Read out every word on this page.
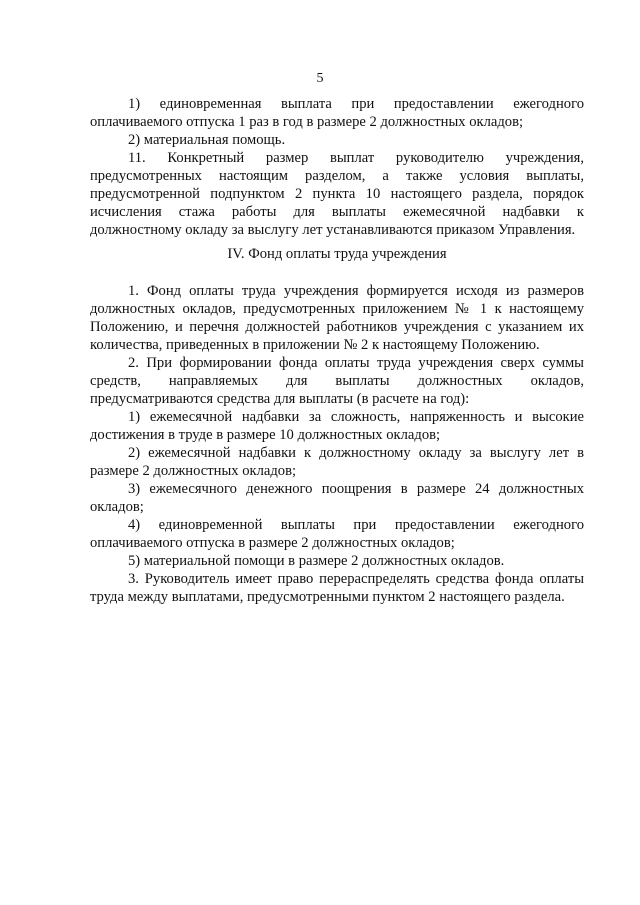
5

1) единовременная выплата при предоставлении ежегодного оплачиваемого отпуска 1 раз в год в размере 2 должностных окладов;

2) материальная помощь.

11. Конкретный размер выплат руководителю учреждения, предусмотренных настоящим разделом, а также условия выплаты, предусмотренной подпунктом 2 пункта 10 настоящего раздела, порядок исчисления стажа работы для выплаты ежемесячной надбавки к должностному окладу за выслугу лет устанавливаются приказом Управления.

IV. Фонд оплаты труда учреждения

1. Фонд оплаты труда учреждения формируется исходя из размеров должностных окладов, предусмотренных приложением № 1 к настоящему Положению, и перечня должностей работников учреждения с указанием их количества, приведенных в приложении № 2 к настоящему Положению.

2. При формировании фонда оплаты труда учреждения сверх суммы средств, направляемых для выплаты должностных окладов, предусматриваются средства для выплаты (в расчете на год):

1) ежемесячной надбавки за сложность, напряженность и высокие достижения в труде в размере 10 должностных окладов;

2) ежемесячной надбавки к должностному окладу за выслугу лет в размере 2 должностных окладов;

3) ежемесячного денежного поощрения в размере 24 должностных окладов;

4) единовременной выплаты при предоставлении ежегодного оплачиваемого отпуска в размере 2 должностных окладов;

5) материальной помощи в размере 2 должностных окладов.

3. Руководитель имеет право перераспределять средства фонда оплаты труда между выплатами, предусмотренными пунктом 2 настоящего раздела.
